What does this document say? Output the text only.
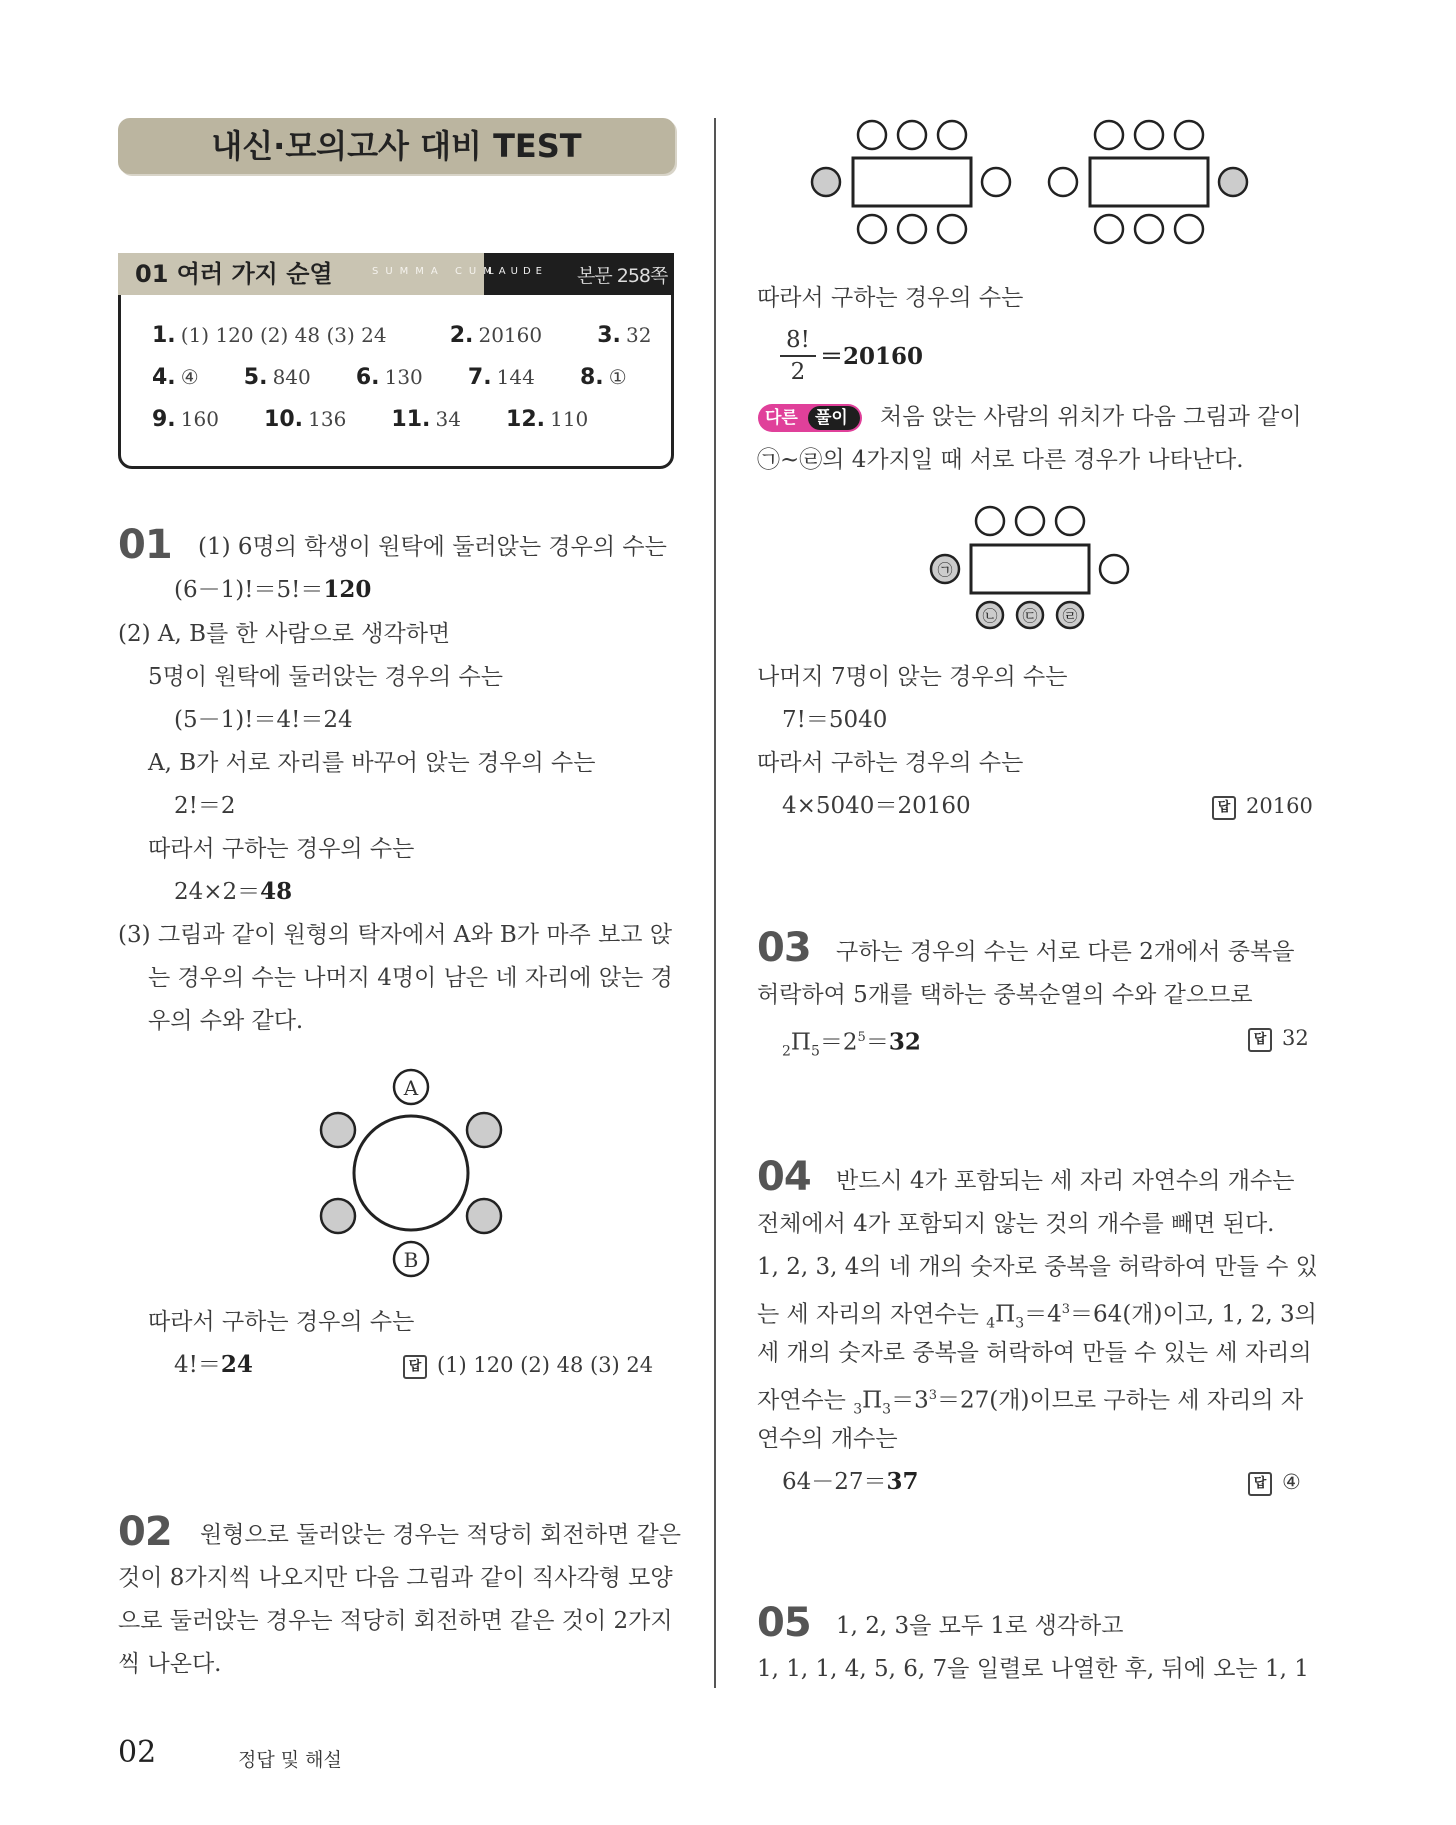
내신·모의고사 대비 TEST
01 여러 가지 순열	SUMMA CUM
LAUDE 본문 258쪽
1. (1) 120 (2) 48 (3) 24	2. 20160	3. 32
4. ④ 5. 840 6. 130 7. 144 8. ①
9. 160 10. 136 11. 34 12. 110
01 (1) 6명의 학생이 원탁에 둘러앉는 경우의 수는
(6－1)!＝5!＝120
(2) A, B를 한 사람으로 생각하면
5명이 원탁에 둘러앉는 경우의 수는
(5－1)!＝4!＝24
A, B가 서로 자리를 바꾸어 앉는 경우의 수는
2!＝2
따라서 구하는 경우의 수는
24×2＝48
(3) 그림과 같이 원형의 탁자에서 A와 B가 마주 보고 앉
는 경우의 수는 나머지 4명이 남은 네 자리에 앉는 경
우의 수와 같다.
A
B
따라서 구하는 경우의 수는
4!＝24	답 (1) 120 (2) 48 (3) 24
02 원형으로 둘러앉는 경우는 적당히 회전하면 같은
것이 8가지씩 나오지만 다음 그림과 같이 직사각형 모양
으로 둘러앉는 경우는 적당히 회전하면 같은 것이 2가지
씩 나온다.
따라서 구하는 경우의 수는
8!
2
＝20160
다른 풀이 처음 앉는 사람의 위치가 다음 그림과 같이
㉠~㉣의 4가지일 때 서로 다른 경우가 나타난다.
㉠
㉡ ㉢ ㉣
나머지 7명이 앉는 경우의 수는
7!＝5040
따라서 구하는 경우의 수는
4×5040＝20160	답 20160
03 구하는 경우의 수는 서로 다른 2개에서 중복을
허락하여 5개를 택하는 중복순열의 수와 같으므로
$_2\Pi_5=2^5=32$	답 32
04 반드시 4가 포함되는 세 자리 자연수의 개수는
전체에서 4가 포함되지 않는 것의 개수를 빼면 된다.
1, 2, 3, 4의 네 개의 숫자로 중복을 허락하여 만들 수 있
는 세 자리의 자연수는 $_4\Pi_3=4^3=64$(개)이고, 1, 2, 3의
세 개의 숫자로 중복을 허락하여 만들 수 있는 세 자리의
자연수는 $_3\Pi_3=3^3=27$(개)이므로 구하는 세 자리의 자
연수의 개수는
64－27＝37	답 ④
05 1, 2, 3을 모두 1로 생각하고
1, 1, 1, 4, 5, 6, 7을 일렬로 나열한 후, 뒤에 오는 1, 1
02	정답 및 해설
